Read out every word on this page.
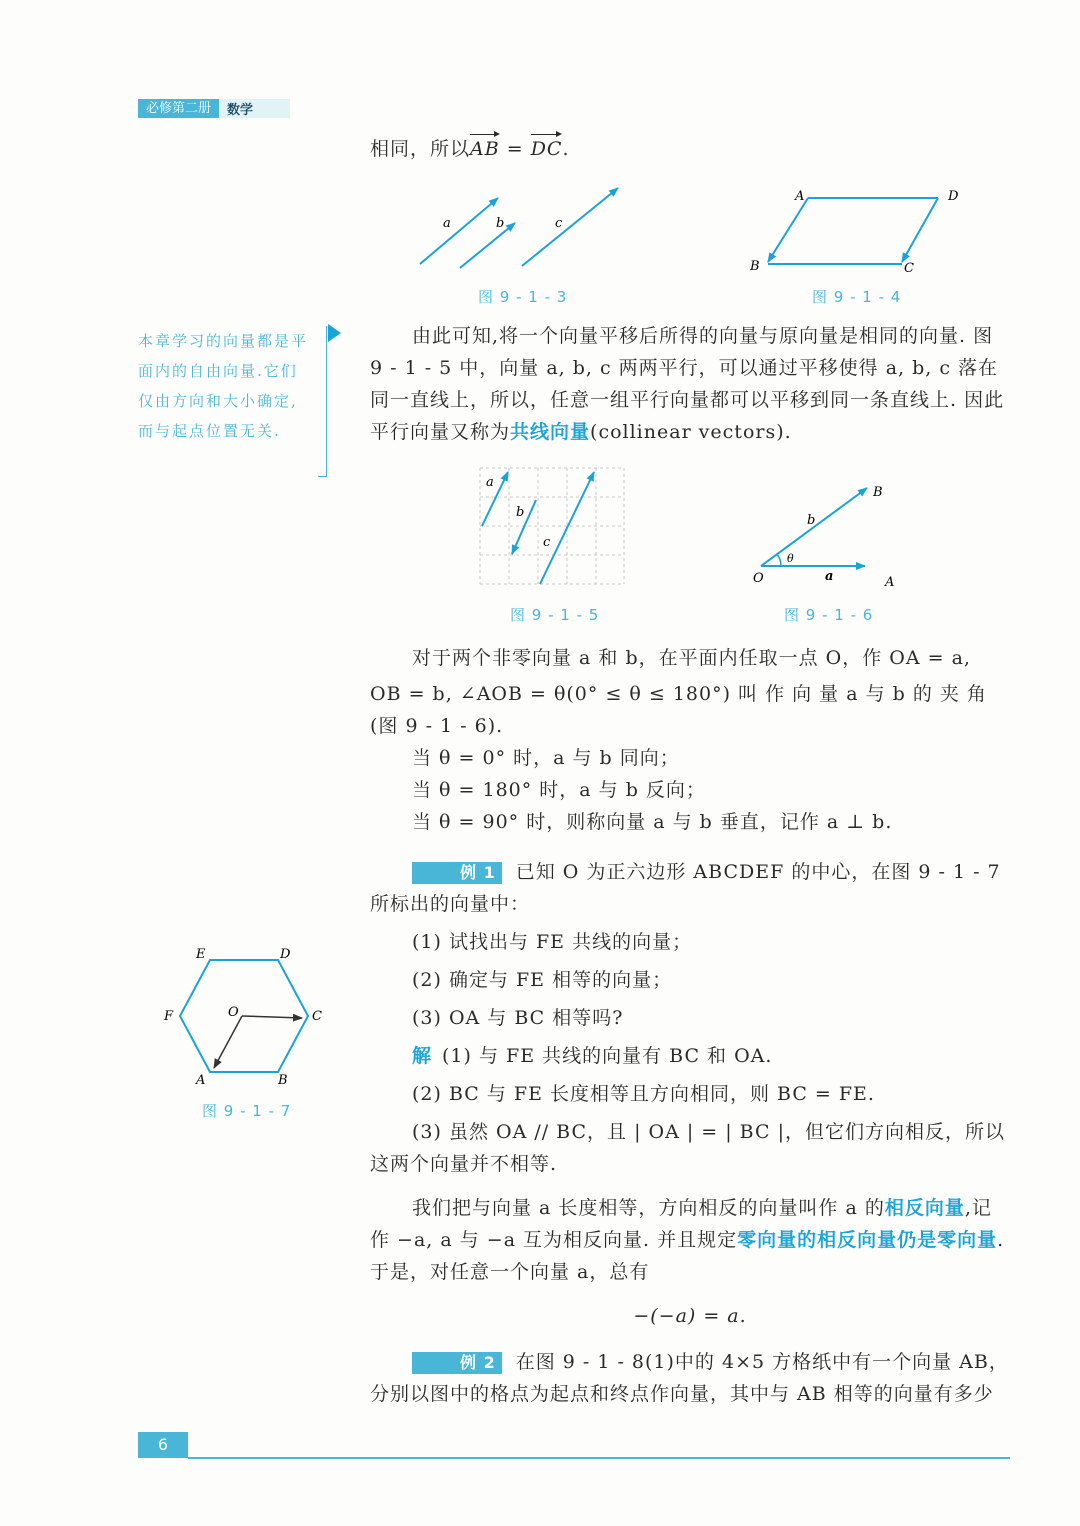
必修第二册	数学
相同，所以AB = DC.
a	b	c
图 9 - 1 - 3
A	D
B	C
图 9 - 1 - 4
本章学习的向量都是平面内的自由向量.它们仅由方向和大小确定,而与起点位置无关.

由此可知,将一个向量平移后所得的向量与原向量是相同的向量. 图 9 - 1 - 5 中，向量 a, b, c 两两平行，可以通过平移使得 a, b, c 落在同一直线上，所以，任意一组平行向量都可以平移到同一条直线上. 因此平行向量又称为共线向量(collinear vectors).

a
b
c
图 9 - 1 - 5
B
b
θ
O	a	A
图 9 - 1 - 6

对于两个非零向量 a 和 b，在平面内任取一点 O，作 OA = a,

OB = b, ∠AOB = θ(0° ≤ θ ≤ 180°) 叫 作 向 量 a 与 b 的 夹 角

(图 9 - 1 - 6).

当 θ = 0° 时，a 与 b 同向；

当 θ = 180° 时，a 与 b 反向；

当 θ = 90° 时，则称向量 a 与 b 垂直，记作 a ⊥ b.

例 1 已知 O 为正六边形 ABCDEF 的中心，在图 9 - 1 - 7 所标出的向量中：

(1) 试找出与 FE 共线的向量；

(2) 确定与 FE 相等的向量；

(3) OA 与 BC 相等吗?

解 (1) 与 FE 共线的向量有 BC 和 OA.

(2) BC 与 FE 长度相等且方向相同，则 BC = FE.

(3) 虽然 OA // BC，且 | OA | = | BC |，但它们方向相反，所以这两个向量并不相等.

E	D
F	O	C
A	B
图 9 - 1 - 7

我们把与向量 a 长度相等，方向相反的向量叫作 a 的相反向量,记作 −a, a 与 −a 互为相反向量. 并且规定零向量的相反向量仍是零向量. 于是，对任意一个向量 a，总有

−(−a) = a.

例 2 在图 9 - 1 - 8(1)中的 4×5 方格纸中有一个向量 AB，分别以图中的格点为起点和终点作向量，其中与 AB 相等的向量有多少

6
